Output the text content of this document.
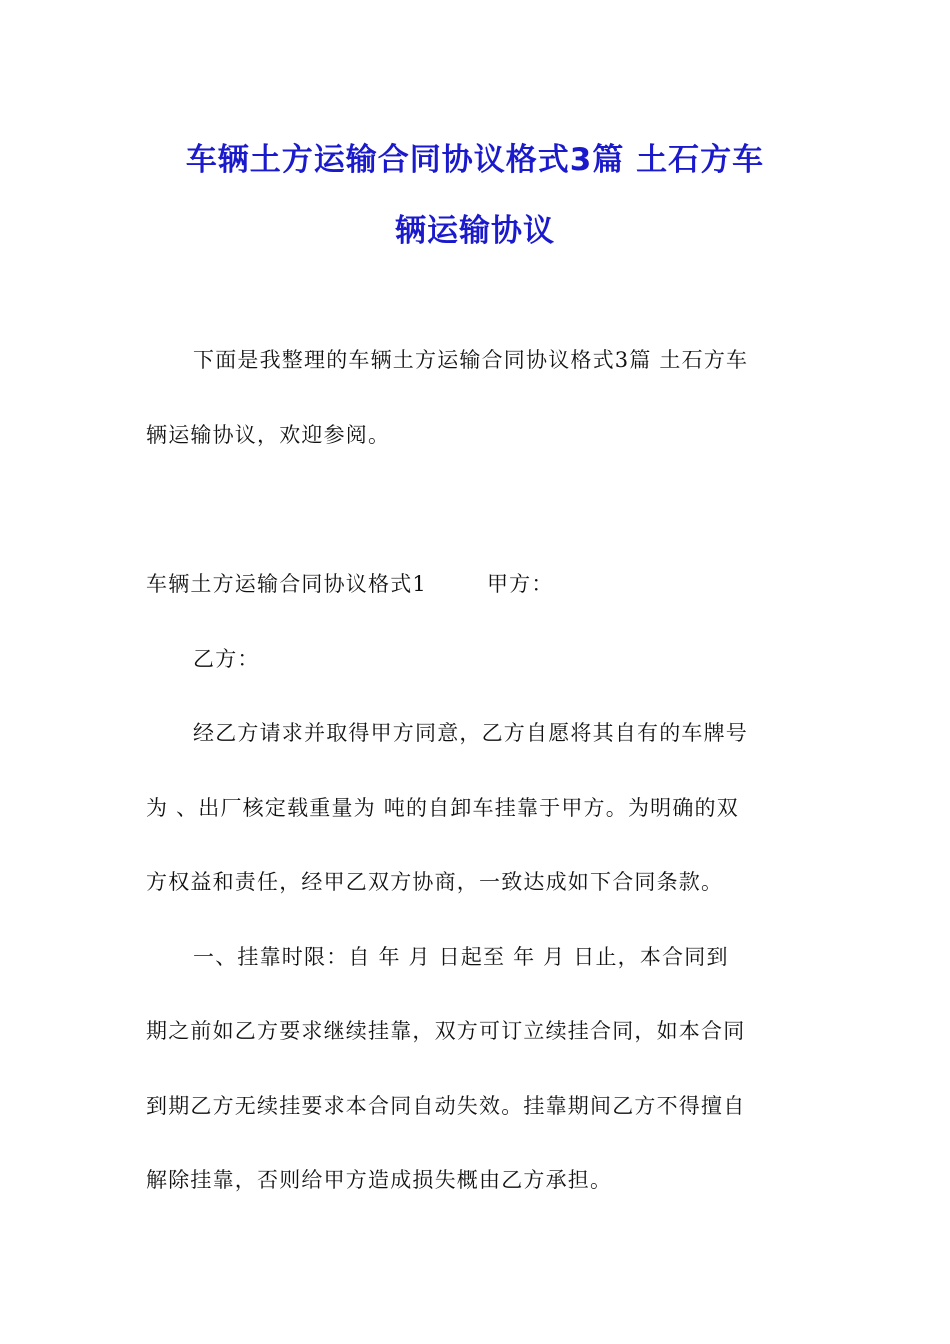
车辆土方运输合同协议格式3篇 土石方车
辆运输协议
下面是我整理的车辆土方运输合同协议格式3篇 土石方车
辆运输协议，欢迎参阅。
车辆土方运输合同协议格式1	甲方：
乙方：
经乙方请求并取得甲方同意，乙方自愿将其自有的车牌号
为 、出厂核定载重量为 吨的自卸车挂靠于甲方。为明确的双
方权益和责任，经甲乙双方协商，一致达成如下合同条款。
一、挂靠时限：自 年 月 日起至 年 月 日止，本合同到
期之前如乙方要求继续挂靠，双方可订立续挂合同，如本合同
到期乙方无续挂要求本合同自动失效。挂靠期间乙方不得擅自
解除挂靠，否则给甲方造成损失概由乙方承担。
